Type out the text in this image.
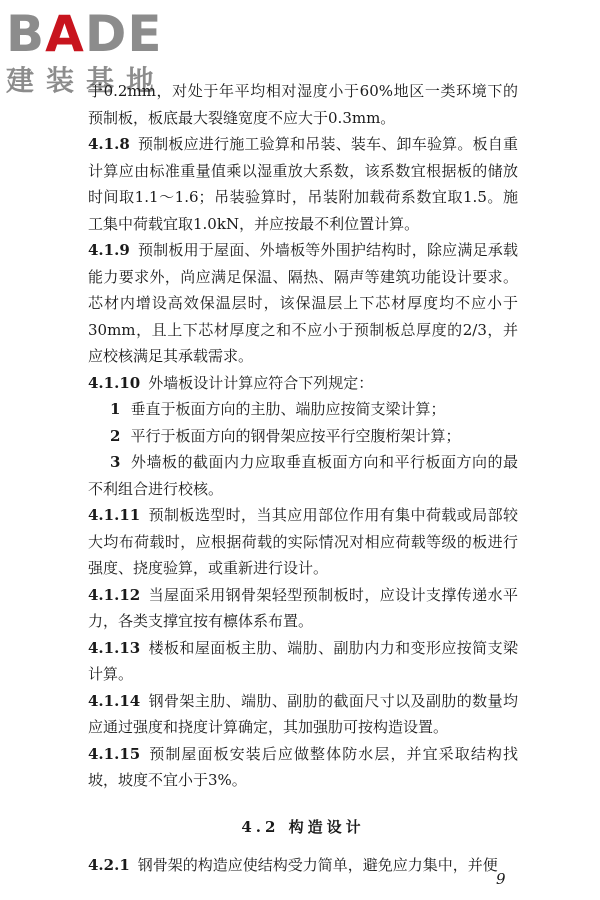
BADE
建装基地

于0.2mm，对处于年平均相对湿度小于60%地区一类环境下的预制板，板底最大裂缝宽度不应大于0.3mm。

4.1.8 预制板应进行施工验算和吊装、装车、卸车验算。板自重计算应由标准重量值乘以湿重放大系数，该系数宜根据板的储放时间取1.1～1.6；吊装验算时，吊装附加载荷系数宜取1.5。施工集中荷载宜取1.0kN，并应按最不利位置计算。

4.1.9 预制板用于屋面、外墙板等外围护结构时，除应满足承载能力要求外，尚应满足保温、隔热、隔声等建筑功能设计要求。芯材内增设高效保温层时，该保温层上下芯材厚度均不应小于30mm，且上下芯材厚度之和不应小于预制板总厚度的2/3，并应校核满足其承载需求。

4.1.10 外墙板设计计算应符合下列规定：

1 垂直于板面方向的主肋、端肋应按简支梁计算；

2 平行于板面方向的钢骨架应按平行空腹桁架计算；

3 外墙板的截面内力应取垂直板面方向和平行板面方向的最不利组合进行校核。

4.1.11 预制板选型时，当其应用部位作用有集中荷载或局部较大均布荷载时，应根据荷载的实际情况对相应荷载等级的板进行强度、挠度验算，或重新进行设计。

4.1.12 当屋面采用钢骨架轻型预制板时，应设计支撑传递水平力，各类支撑宜按有檩体系布置。

4.1.13 楼板和屋面板主肋、端肋、副肋内力和变形应按简支梁计算。

4.1.14 钢骨架主肋、端肋、副肋的截面尺寸以及副肋的数量均应通过强度和挠度计算确定，其加强肋可按构造设置。

4.1.15 预制屋面板安装后应做整体防水层，并宜采取结构找坡，坡度不宜小于3%。

4.2 构造设计

4.2.1 钢骨架的构造应使结构受力简单，避免应力集中，并便

9
